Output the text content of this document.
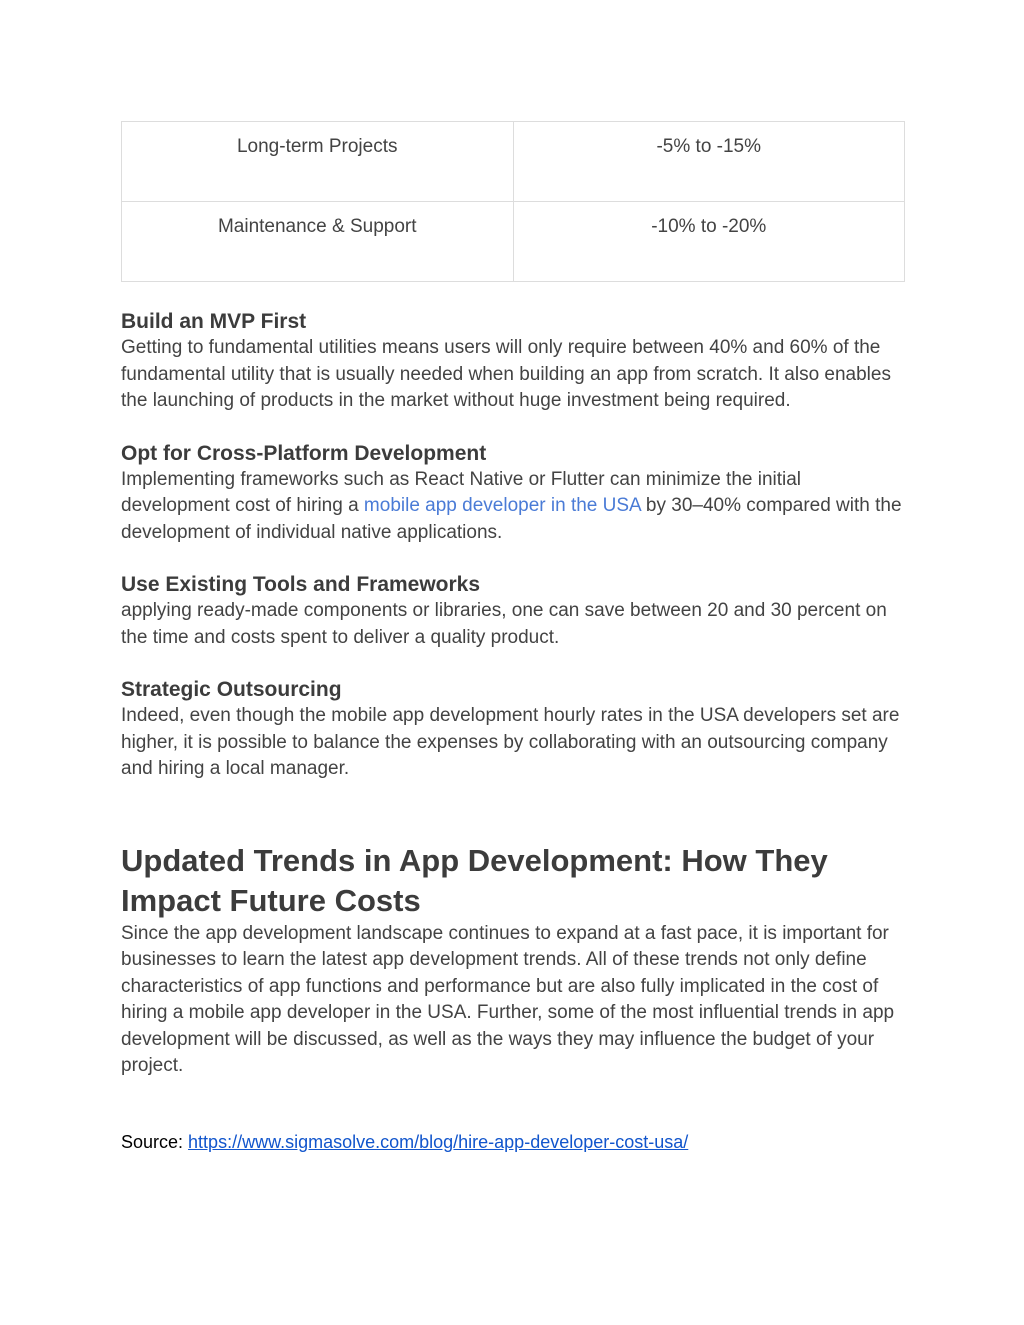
Long-term Projects	-5% to -15%
Maintenance & Support	-10% to -20%
Build an MVP First

Getting to fundamental utilities means users will only require between 40% and 60% of the fundamental utility that is usually needed when building an app from scratch. It also enables the launching of products in the market without huge investment being required.

Opt for Cross-Platform Development

Implementing frameworks such as React Native or Flutter can minimize the initial development cost of hiring a mobile app developer in the USA by 30–40% compared with the development of individual native applications.

Use Existing Tools and Frameworks

applying ready-made components or libraries, one can save between 20 and 30 percent on the time and costs spent to deliver a quality product.

Strategic Outsourcing

Indeed, even though the mobile app development hourly rates in the USA developers set are higher, it is possible to balance the expenses by collaborating with an outsourcing company and hiring a local manager.

Updated Trends in App Development: How They Impact Future Costs

Since the app development landscape continues to expand at a fast pace, it is important for businesses to learn the latest app development trends. All of these trends not only define characteristics of app functions and performance but are also fully implicated in the cost of hiring a mobile app developer in the USA. Further, some of the most influential trends in app development will be discussed, as well as the ways they may influence the budget of your project.

Source: https://www.sigmasolve.com/blog/hire-app-developer-cost-usa/
